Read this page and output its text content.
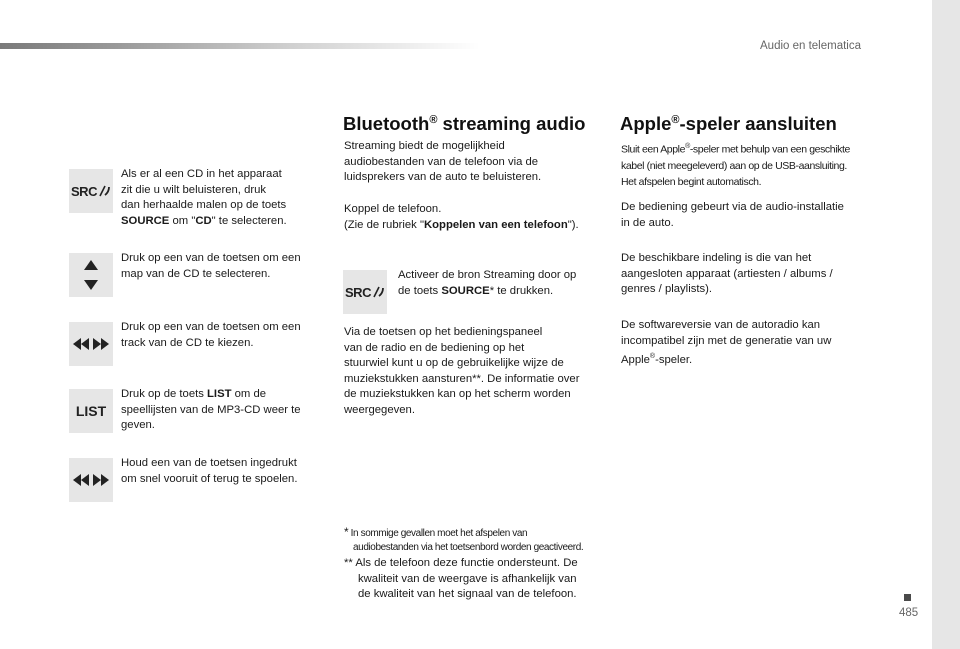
Audio en telematica
485
SRC
Als er al een CD in het apparaat
zit die u wilt beluisteren, druk
dan herhaalde malen op de toets
SOURCE om "CD" te selecteren.
Druk op een van de toetsen om een
map van de CD te selecteren.
Druk op een van de toetsen om een
track van de CD te kiezen.
LIST
Druk op de toets LIST om de
speellijsten van de MP3-CD weer te
geven.
Houd een van de toetsen ingedrukt
om snel vooruit of terug te spoelen.
Bluetooth® streaming audio
Streaming biedt de mogelijkheid
audiobestanden van de telefoon via de
luidsprekers van de auto te beluisteren.
Koppel de telefoon.
(Zie de rubriek "Koppelen van een telefoon").
SRC
Activeer de bron Streaming door op
de toets SOURCE* te drukken.
Via de toetsen op het bedieningspaneel
van de radio en de bediening op het
stuurwiel kunt u op de gebruikelijke wijze de
muziekstukken aansturen**. De informatie over
de muziekstukken kan op het scherm worden
weergegeven.
* In sommige gevallen moet het afspelen van
audiobestanden via het toetsenbord worden geactiveerd.
** Als de telefoon deze functie ondersteunt. De
kwaliteit van de weergave is afhankelijk van
de kwaliteit van het signaal van de telefoon.
Apple®-speler aansluiten
Sluit een Apple®-speler met behulp van een geschikte
kabel (niet meegeleverd) aan op de USB-aansluiting.
Het afspelen begint automatisch.
De bediening gebeurt via de audio-installatie
in de auto.
De beschikbare indeling is die van het
aangesloten apparaat (artiesten / albums /
genres / playlists).
De softwareversie van de autoradio kan
incompatibel zijn met de generatie van uw
Apple®-speler.
